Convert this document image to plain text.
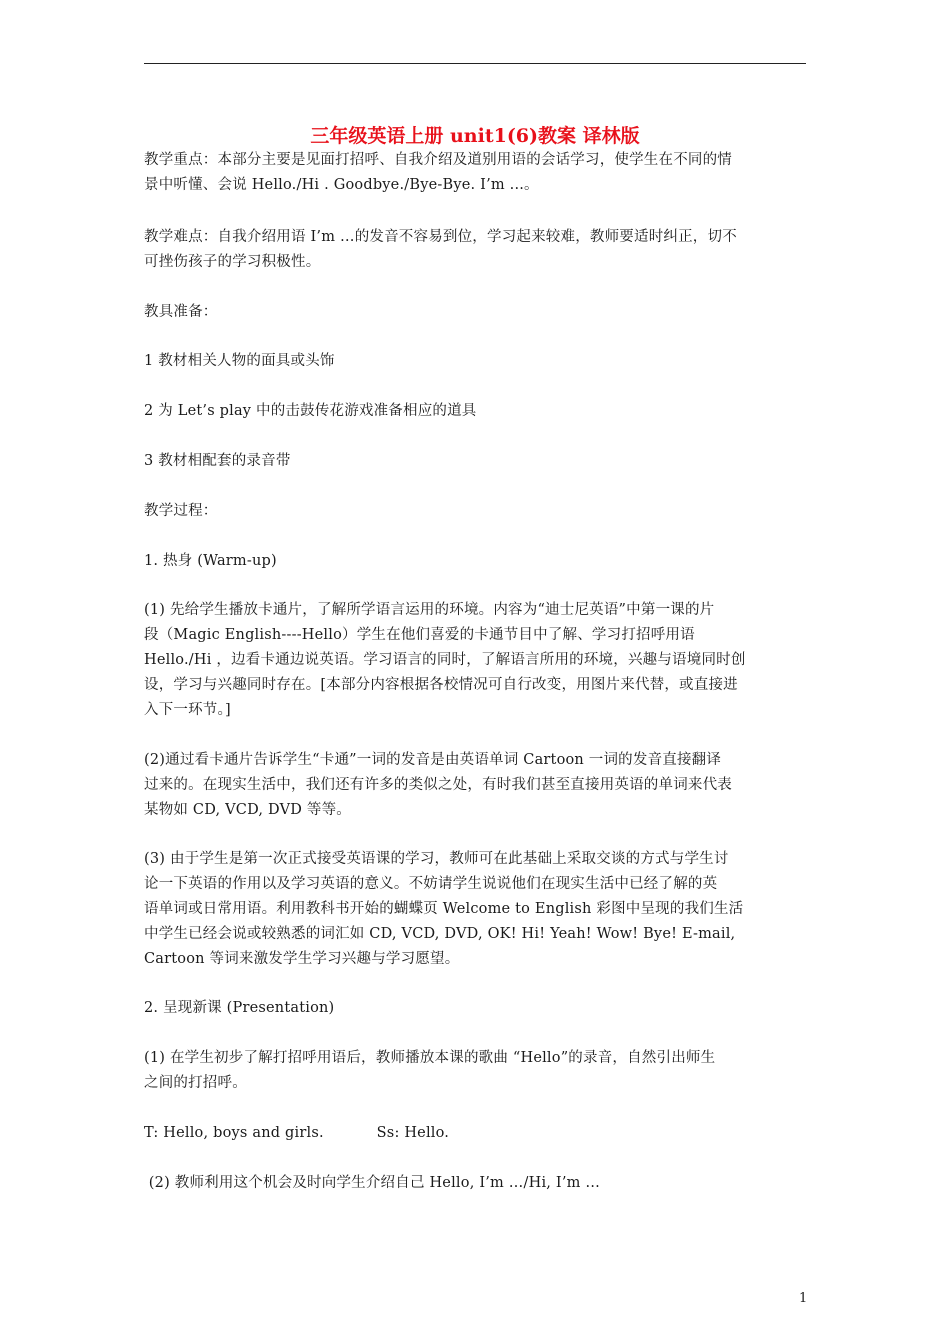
三年级英语上册 unit1(6)教案 译林版
教学重点：本部分主要是见面打招呼、自我介绍及道别用语的会话学习，使学生在不同的情
景中听懂、会说 Hello./Hi . Goodbye./Bye-Bye. I’m ...。
教学难点：自我介绍用语 I’m …的发音不容易到位，学习起来较难，教师要适时纠正，切不
可挫伤孩子的学习积极性。
教具准备：
1 教材相关人物的面具或头饰
2 为 Let’s play 中的击鼓传花游戏准备相应的道具
3 教材相配套的录音带
教学过程：
1. 热身 (Warm-up)
(1) 先给学生播放卡通片，了解所学语言运用的环境。内容为“迪士尼英语”中第一课的片
段（Magic English----Hello）学生在他们喜爱的卡通节目中了解、学习打招呼用语
Hello./Hi ，边看卡通边说英语。学习语言的同时，了解语言所用的环境，兴趣与语境同时创
设，学习与兴趣同时存在。[本部分内容根据各校情况可自行改变，用图片来代替，或直接进
入下一环节。]
(2)通过看卡通片告诉学生“卡通”一词的发音是由英语单词 Cartoon 一词的发音直接翻译
过来的。在现实生活中，我们还有许多的类似之处，有时我们甚至直接用英语的单词来代表
某物如 CD, VCD, DVD 等等。
(3) 由于学生是第一次正式接受英语课的学习，教师可在此基础上采取交谈的方式与学生讨
论一下英语的作用以及学习英语的意义。不妨请学生说说他们在现实生活中已经了解的英
语单词或日常用语。利用教科书开始的蝴蝶页 Welcome to English 彩图中呈现的我们生活
中学生已经会说或较熟悉的词汇如 CD, VCD, DVD, OK! Hi! Yeah! Wow! Bye! E-mail,
Cartoon 等词来激发学生学习兴趣与学习愿望。
2. 呈现新课 (Presentation)
(1) 在学生初步了解打招呼用语后，教师播放本课的歌曲 “Hello”的录音，自然引出师生
之间的打招呼。
T: Hello, boys and girls.           Ss: Hello.
(2) 教师利用这个机会及时向学生介绍自己 Hello, I’m …/Hi, I’m …
1
